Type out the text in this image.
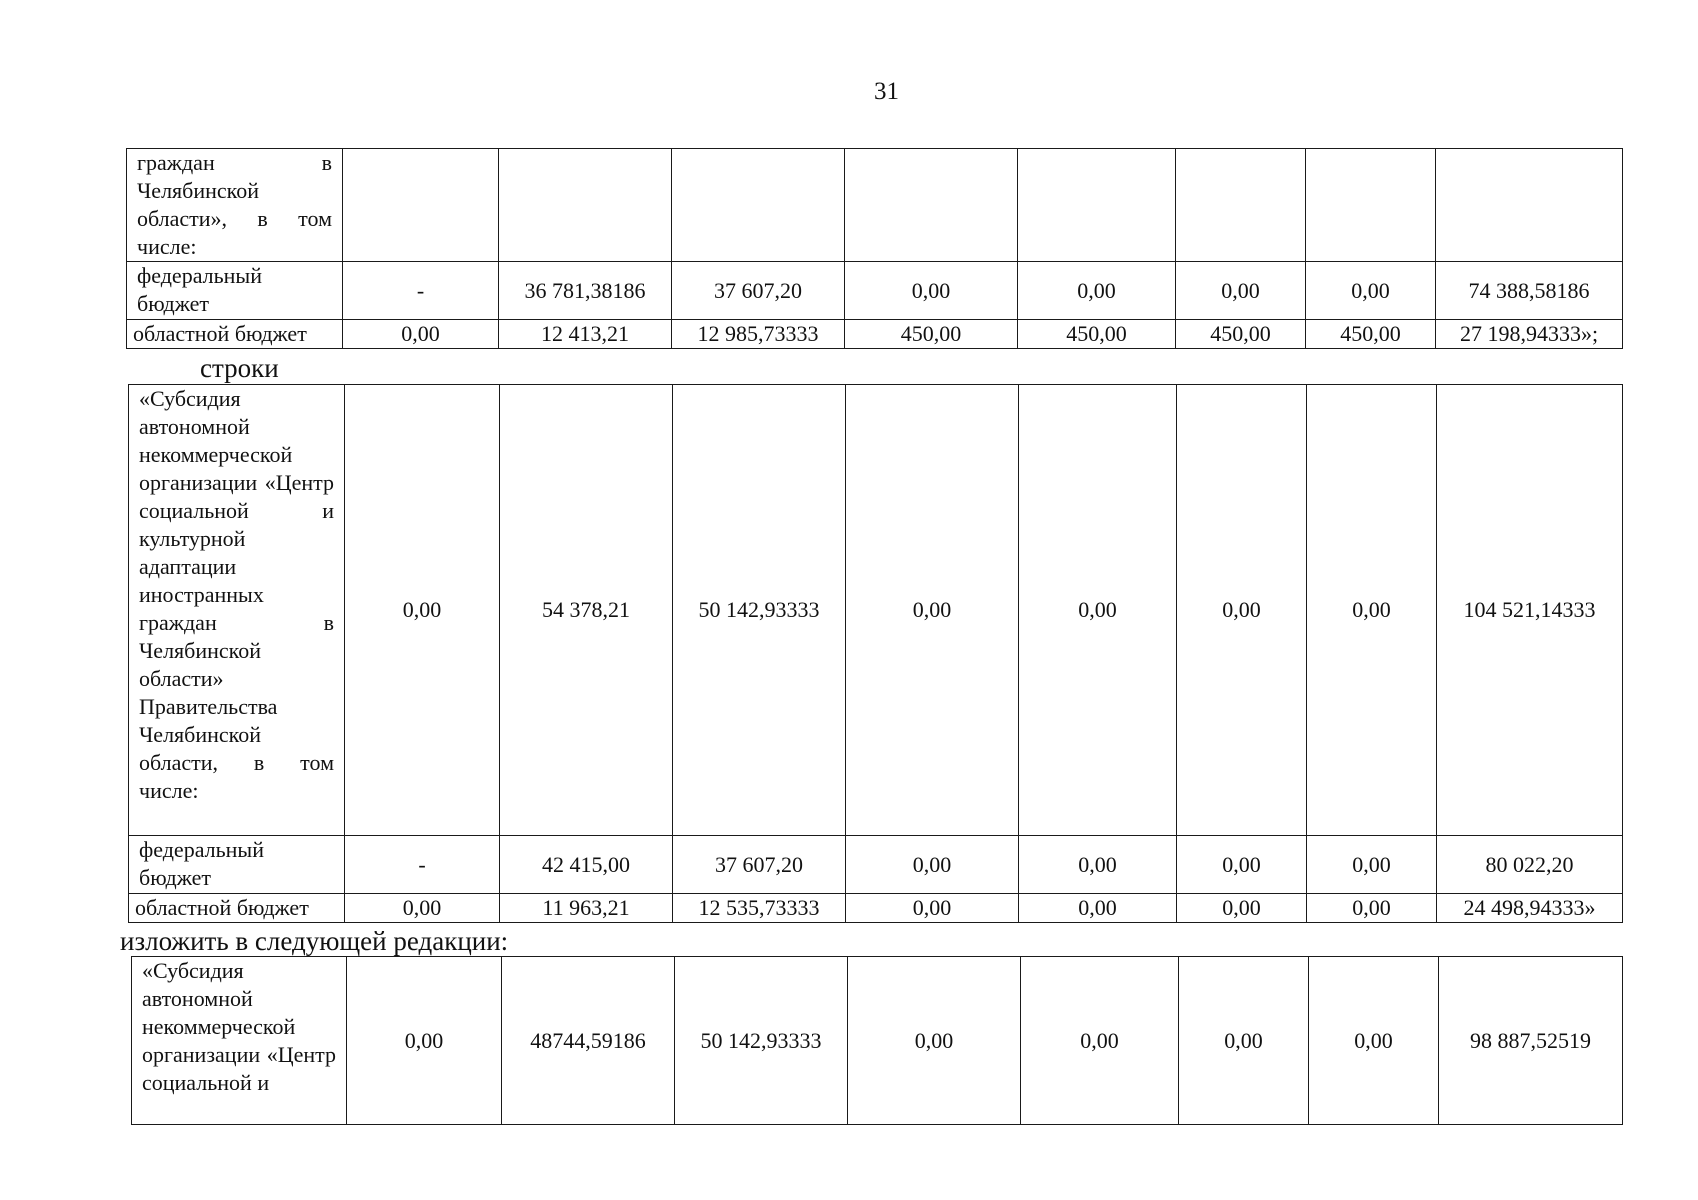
31
граждан в Челябинской области», в том числе:								
федеральный бюджет	-	36 781,38186	37 607,20	0,00	0,00	0,00	0,00	74 388,58186
областной бюджет	0,00	12 413,21	12 985,73333	450,00	450,00	450,00	450,00	27 198,94333»;
строки
«Субсидия автономной некоммерческой организации «Центр социальной и культурной адаптации иностранных граждан в Челябинской области» Правительства Челябинской области, в том числе:	0,00	54 378,21	50 142,93333	0,00	0,00	0,00	0,00	104 521,14333
федеральный бюджет	-	42 415,00	37 607,20	0,00	0,00	0,00	0,00	80 022,20
областной бюджет	0,00	11 963,21	12 535,73333	0,00	0,00	0,00	0,00	24 498,94333»
изложить в следующей редакции:
«Субсидия автономной некоммерческой организации «Центр социальной и	0,00	48744,59186	50 142,93333	0,00	0,00	0,00	0,00	98 887,52519
